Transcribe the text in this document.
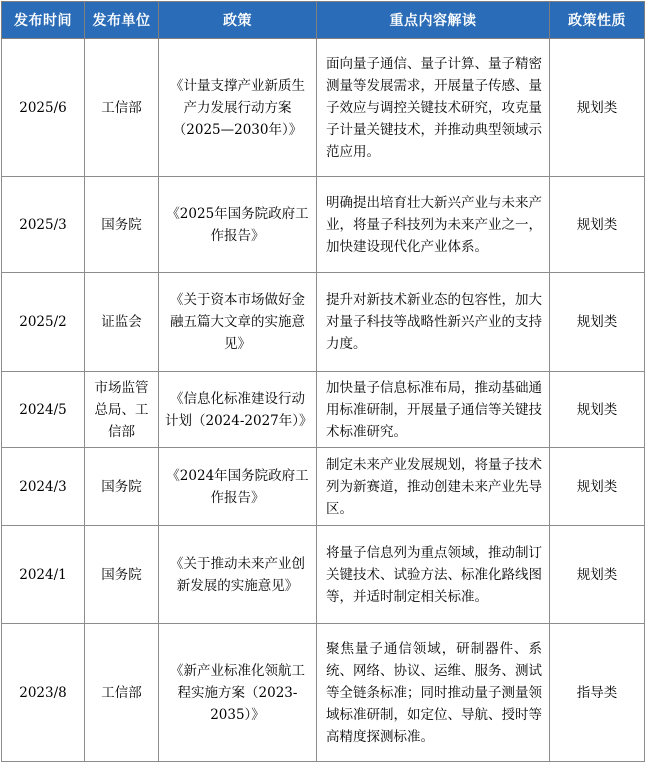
发布时间	发布单位	政策	重点内容解读	政策性质
2025/6	工信部	《计量支撑产业新质生产力发展行动方案（2025—2030年）》	面向量子通信、量子计算、量子精密测量等发展需求，开展量子传感、量子效应与调控关键技术研究，攻克量子计量关键技术，并推动典型领域示范应用。	规划类
2025/3	国务院	《2025年国务院政府工作报告》	明确提出培育壮大新兴产业与未来产业，将量子科技列为未来产业之一，加快建设现代化产业体系。	规划类
2025/2	证监会	《关于资本市场做好金融五篇大文章的实施意见》	提升对新技术新业态的包容性，加大对量子科技等战略性新兴产业的支持力度。	规划类
2024/5	市场监管总局、工信部	《信息化标准建设行动计划（2024-2027年）》	加快量子信息标准布局，推动基础通用标准研制，开展量子通信等关键技术标准研究。	规划类
2024/3	国务院	《2024年国务院政府工作报告》	制定未来产业发展规划，将量子技术列为新赛道，推动创建未来产业先导区。	规划类
2024/1	国务院	《关于推动未来产业创新发展的实施意见》	将量子信息列为重点领域，推动制订关键技术、试验方法、标准化路线图等，并适时制定相关标准。	规划类
2023/8	工信部	《新产业标准化领航工程实施方案（2023-2035）》	聚焦量子通信领域，研制器件、系统、网络、协议、运维、服务、测试等全链条标准；同时推动量子测量领域标准研制，如定位、导航、授时等高精度探测标准。	指导类
